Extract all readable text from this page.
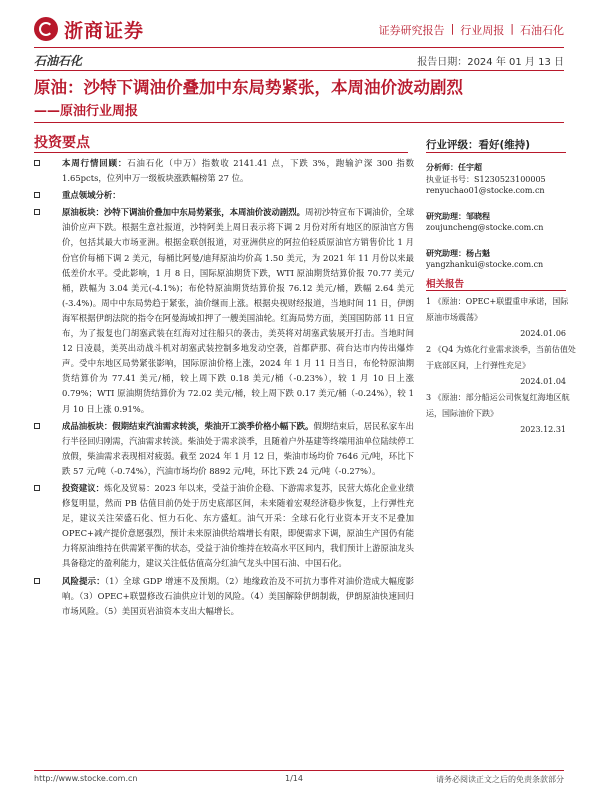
浙商证券	证券研究报告 | 行业周报 | 石油石化
石油石化	报告日期：2024 年 01 月 13 日
原油：沙特下调油价叠加中东局势紧张，本周油价波动剧烈
——原油行业周报
投资要点
本周行情回顾：石油石化（中万）指数收 2141.41 点，下跌 3%，跑输沪深 300 指数 1.65pcts，位列申万一级板块涨跌幅榜第 27 位。
重点领域分析：
原油板块：沙特下调油价叠加中东局势紧张，本周油价波动剧烈。周初沙特宣布下调油价，全球油价应声下跌。根据生意社报道，沙特阿美上周日表示将下调 2 月份对所有地区的原油官方售价，包括其最大市场亚洲。根据金联创报道，对亚洲供应的阿拉伯轻质原油官方销售价比 1 月份官价每桶下调 2 美元，每桶比阿曼/迪拜原油均价高 1.50 美元，为 2021 年 11 月份以来最低差价水平。受此影响，1 月 8 日，国际原油期货下跌，WTI 原油期货结算价报 70.77 美元/桶，跌幅为 3.04 美元(-4.1%)；布伦特原油期货结算价报 76.12 美元/桶，跌幅 2.64 美元(-3.4%)。周中中东局势趋于紧张，油价继而上涨。根据央视财经报道，当地时间 11 日，伊朗海军根据伊朗法院的指令在阿曼海域扣押了一艘美国油轮。红海局势方面，美国国防部 11 日宣布，为了报复也门胡塞武装在红海对过往船只的袭击，美英将对胡塞武装展开打击。当地时间 12 日凌晨，美英出动战斗机对胡塞武装控制多地发动空袭，首都萨那、荷台达市内传出爆炸声。受中东地区局势紧张影响，国际原油价格上涨，2024 年 1 月 11 日当日，布伦特原油期货结算价为 77.41 美元/桶，较上周下跌 0.18 美元/桶（-0.23%），较 1 月 10 日上涨 0.79%；WTI 原油期货结算价为 72.02 美元/桶，较上周下跌 0.17 美元/桶（-0.24%），较 1 月 10 日上涨 0.91%。
成品油板块：假期结束汽油需求转淡，柴油开工淡季价格小幅下跌。假期结束后，居民私家车出行半径回归刚需，汽油需求转淡。柴油处于需求淡季，且随着户外基建等终端用油单位陆续停工放假，柴油需求表现相对疲弱。截至 2024 年 1 月 12 日，柴油市场均价 7646 元/吨，环比下跌 57 元/吨（-0.74%），汽油市场均价 8892 元/吨，环比下跌 24 元/吨（-0.27%）。
投资建议：炼化及贸易：2023 年以来，受益于油价企稳、下游需求复苏，民营大炼化企业业绩修复明显，然而 PB 估值目前仍处于历史底部区间，未来随着宏观经济稳步恢复，上行弹性充足，建议关注荣盛石化、恒力石化、东方盛虹。油气开采：全球石化行业资本开支不足叠加 OPEC+减产提价意愿强烈，预计未来原油供给端增长有限，即便需求下调，原油生产国仍有能力将原油维持在供需紧平衡的状态，受益于油价维持在较高水平区间内，我们预计上游原油龙头具备稳定的盈利能力，建议关注低估值高分红油气龙头中国石油、中国石化。
风险提示：（1）全球 GDP 增速不及预期。（2）地缘政治及不可抗力事件对油价造成大幅度影响。（3）OPEC+联盟修改石油供应计划的风险。（4）美国解除伊朗制裁，伊朗原油快速回归市场风险。（5）美国页岩油资本支出大幅增长。
行业评级：看好(维持)
分析师：任宇超
执业证书号：S1230523100005
renyuchao01@stocke.com.cn
研究助理：邹晓程
zoujuncheng@stocke.com.cn
研究助理：杨占魁
yangzhankui@stocke.com.cn
相关报告
1 《原油：OPEC+联盟重申承诺，国际原油市场震荡》
2024.01.06
2 《Q4 为炼化行业需求淡季，当前估值处于底部区间，上行弹性充足》
2024.01.04
3 《原油：部分船运公司恢复红海地区航运，国际油价下跌》
2023.12.31
http://www.stocke.com.cn	1/14	请务必阅读正文之后的免责条款部分
